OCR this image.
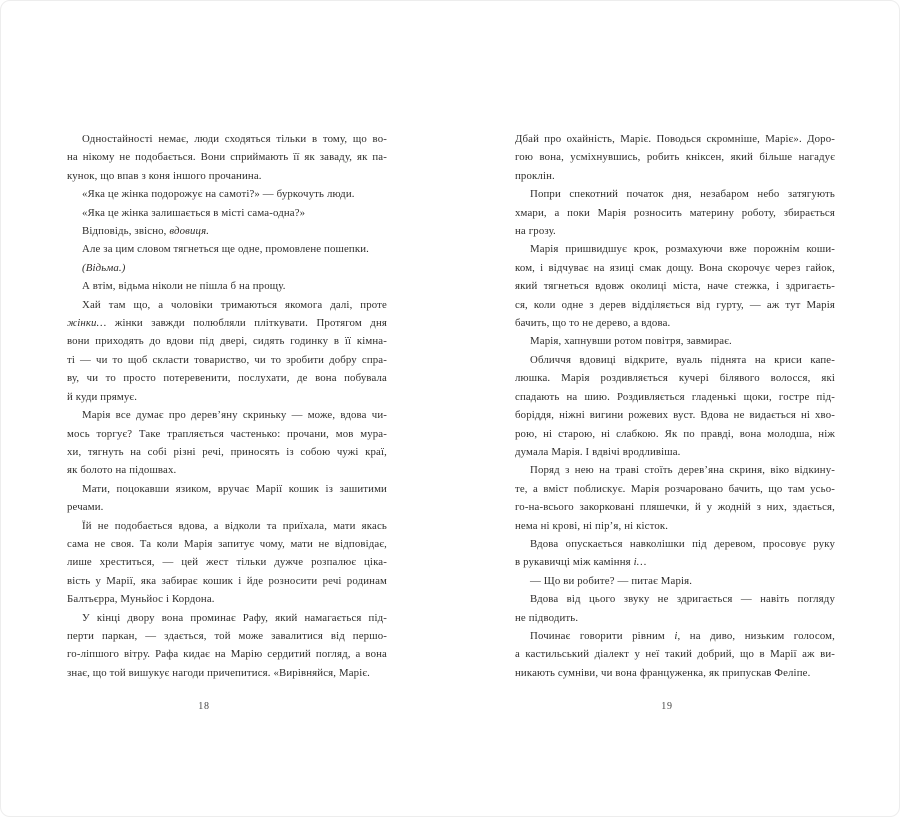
Одностайності немає, люди сходяться тільки в тому, що во-
на нікому не подобається. Вони сприймають її як заваду, як па-
кунок, що впав з коня іншого прочанина.
«Яка це жінка подорожує на самоті?» — буркочуть люди.
«Яка це жінка залишається в місті сама-одна?»
Відповідь, звісно, вдовиця.
Але за цим словом тягнеться ще одне, промовлене пошепки.
(Відьма.)
А втім, відьма ніколи не пішла б на прощу.
Хай там що, а чоловіки тримаються якомога далі, проте
жінки… жінки завжди полюбляли пліткувати. Протягом дня
вони приходять до вдови під двері, сидять годинку в її кімна-
ті — чи то щоб скласти товариство, чи то зробити добру спра-
ву, чи то просто потеревенити, послухати, де вона побувала
й куди прямує.
Марія все думає про дерев’яну скриньку — може, вдова чи-
мось торгує? Таке трапляється частенько: прочани, мов мура-
хи, тягнуть на собі різні речі, приносять із собою чужі краї,
як болото на підошвах.
Мати, поцокавши язиком, вручає Марії кошик із зашитими
речами.
Їй не подобається вдова, а відколи та приїхала, мати якась
сама не своя. Та коли Марія запитує чому, мати не відповідає,
лише хреститься, — цей жест тільки дужче розпалює ціка-
вість у Марії, яка забирає кошик і йде розносити речі родинам
Балтьєрра, Муньйос і Кордона.
У кінці двору вона проминає Рафу, який намагається під-
перти паркан, — здається, той може завалитися від першо-
го-ліпшого вітру. Рафа кидає на Марію сердитий погляд, а вона
знає, що той вишукує нагоди причепитися. «Вирівняйся, Маріє.
Дбай про охайність, Маріє. Поводься скромніше, Маріє». Доро-
гою вона, усміхнувшись, робить кніксен, який більше нагадує
проклін.
Попри спекотний початок дня, незабаром небо затягують
хмари, а поки Марія розносить материну роботу, збирається
на грозу.
Марія пришвидшує крок, розмахуючи вже порожнім коши-
ком, і відчуває на язиці смак дощу. Вона скорочує через гайок,
який тягнеться вдовж околиці міста, наче стежка, і здригаєть-
ся, коли одне з дерев відділяється від гурту, — аж тут Марія
бачить, що то не дерево, а вдова.
Марія, хапнувши ротом повітря, завмирає.
Обличчя вдовиці відкрите, вуаль піднята на криси капе-
люшка. Марія роздивляється кучері білявого волосся, які
спадають на шию. Роздивляється гладенькі щоки, гостре під-
боріддя, ніжні вигини рожевих вуст. Вдова не видається ні хво-
рою, ні старою, ні слабкою. Як по правді, вона молодша, ніж
думала Марія. І вдвічі вродливіша.
Поряд з нею на траві стоїть дерев’яна скриня, віко відкину-
те, а вміст поблискує. Марія розчаровано бачить, що там усьо-
го-на-всього закорковані пляшечки, й у жодній з них, здається,
нема ні крові, ні пір’я, ні кісток.
Вдова опускається навколішки під деревом, просовує руку
в рукавичці між каміння і…
— Що ви робите? — питає Марія.
Вдова від цього звуку не здригається — навіть погляду
не підводить.
Починає говорити рівним і, на диво, низьким голосом,
а кастильський діалект у неї такий добрий, що в Марії аж ви-
никають сумніви, чи вона француженка, як припускав Феліпе.
18	19
